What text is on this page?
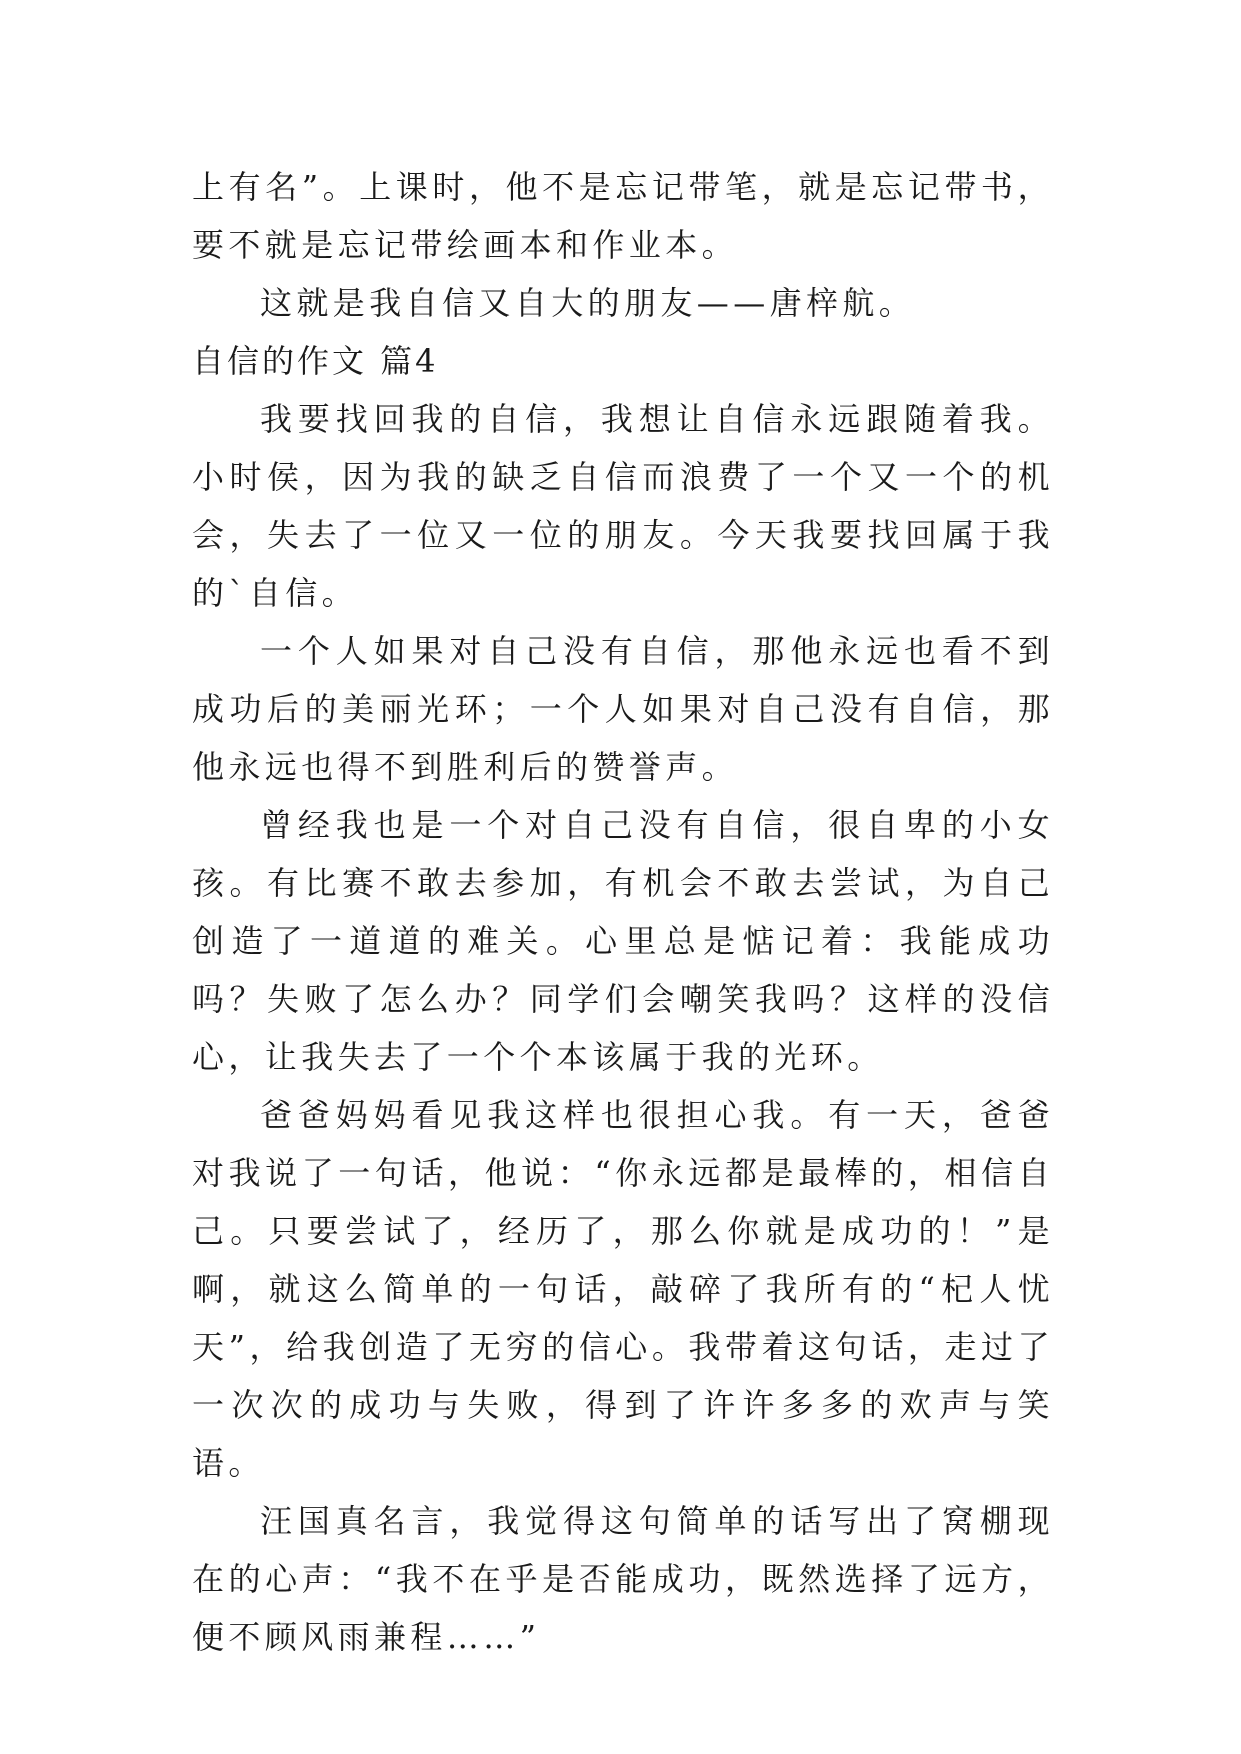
上有名”。上课时，他不是忘记带笔，就是忘记带书，要不就是忘记带绘画本和作业本。

这就是我自信又自大的朋友——唐梓航。

自信的作文 篇4

我要找回我的自信，我想让自信永远跟随着我。小时侯，因为我的缺乏自信而浪费了一个又一个的机会，失去了一位又一位的朋友。今天我要找回属于我的`自信。

一个人如果对自己没有自信，那他永远也看不到成功后的美丽光环；一个人如果对自己没有自信，那他永远也得不到胜利后的赞誉声。

曾经我也是一个对自己没有自信，很自卑的小女孩。有比赛不敢去参加，有机会不敢去尝试，为自己创造了一道道的难关。心里总是惦记着：我能成功吗？失败了怎么办？同学们会嘲笑我吗？这样的没信心，让我失去了一个个本该属于我的光环。

爸爸妈妈看见我这样也很担心我。有一天，爸爸对我说了一句话，他说：“你永远都是最棒的，相信自己。只要尝试了，经历了，那么你就是成功的！”是啊，就这么简单的一句话，敲碎了我所有的“杞人忧天”，给我创造了无穷的信心。我带着这句话，走过了一次次的成功与失败，得到了许许多多的欢声与笑语。

汪国真名言，我觉得这句简单的话写出了窝棚现在的心声：“我不在乎是否能成功，既然选择了远方，便不顾风雨兼程……”
